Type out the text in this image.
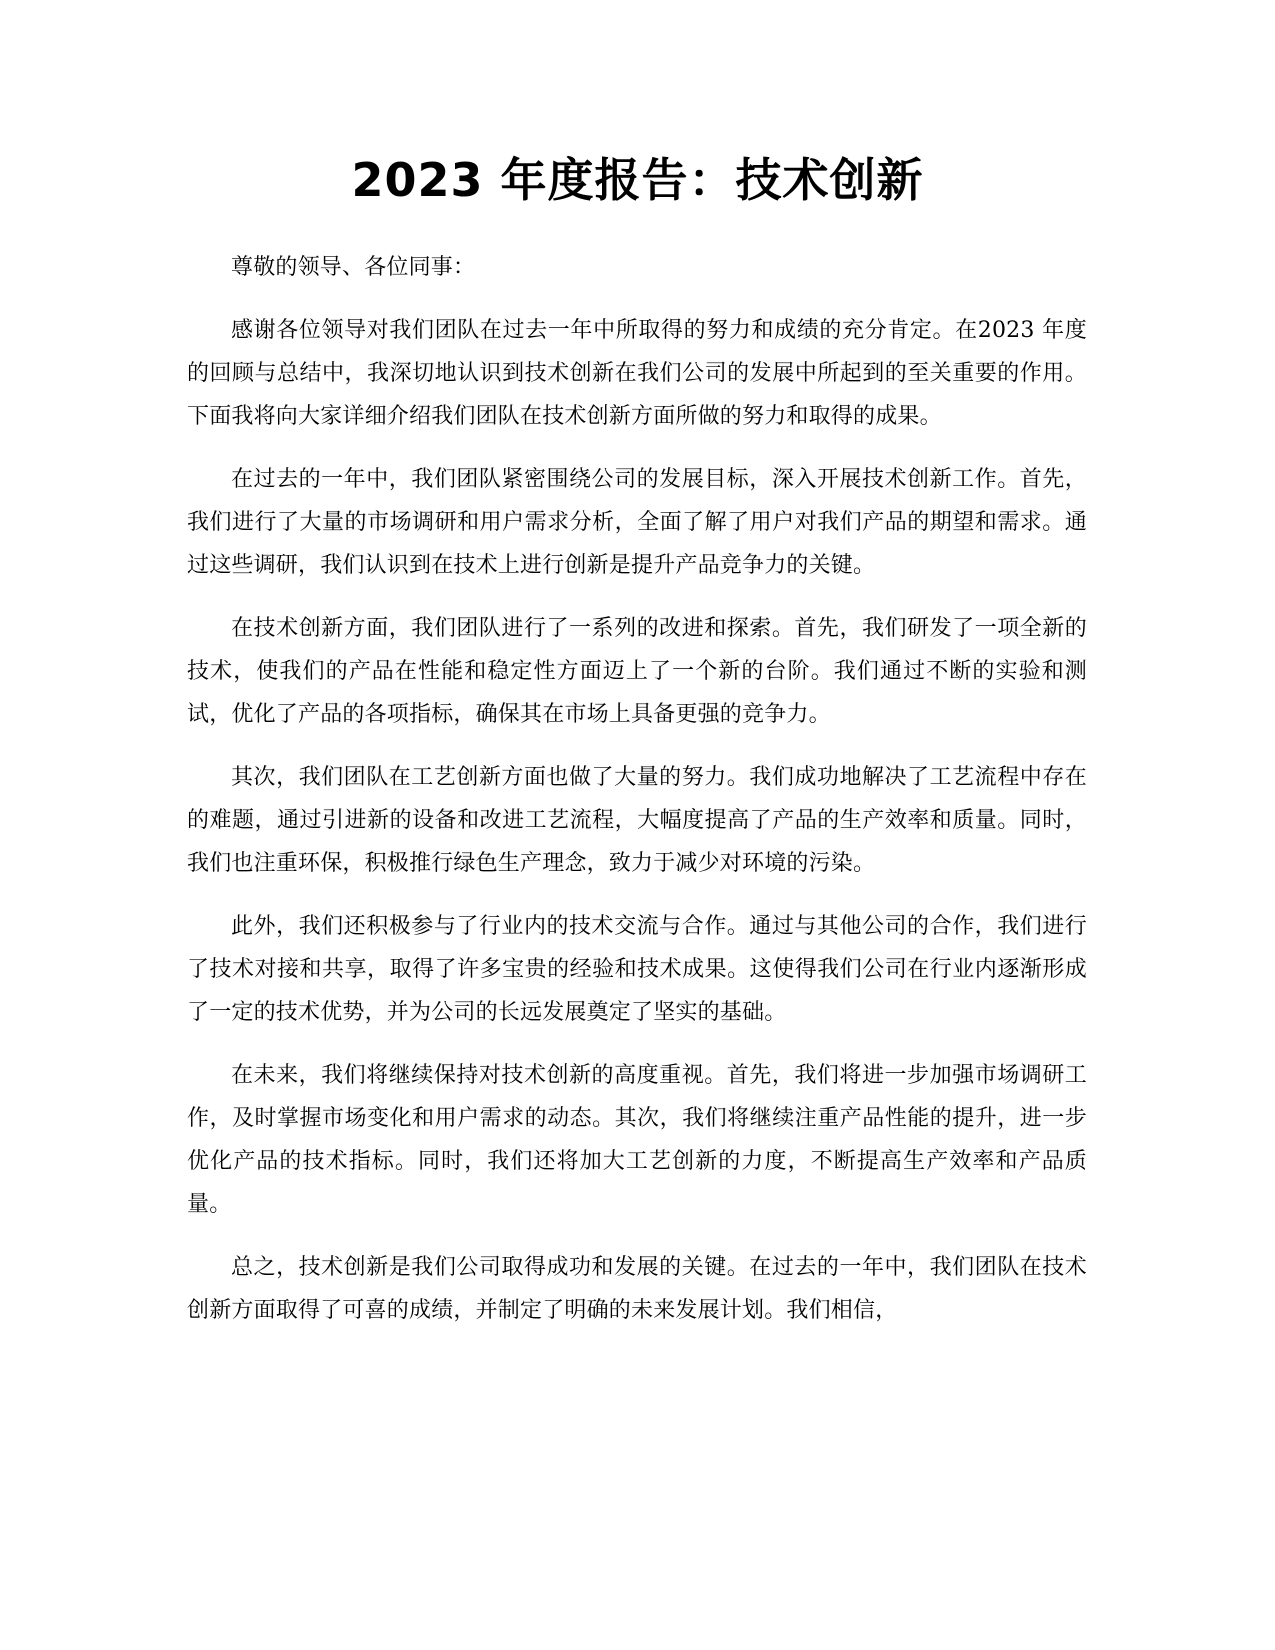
2023 年度报告：技术创新

尊敬的领导、各位同事：

感谢各位领导对我们团队在过去一年中所取得的努力和成绩的充分肯定。在2023 年度的回顾与总结中，我深切地认识到技术创新在我们公司的发展中所起到的至关重要的作用。下面我将向大家详细介绍我们团队在技术创新方面所做的努力和取得的成果。

在过去的一年中，我们团队紧密围绕公司的发展目标，深入开展技术创新工作。首先，我们进行了大量的市场调研和用户需求分析，全面了解了用户对我们产品的期望和需求。通过这些调研，我们认识到在技术上进行创新是提升产品竞争力的关键。

在技术创新方面，我们团队进行了一系列的改进和探索。首先，我们研发了一项全新的技术，使我们的产品在性能和稳定性方面迈上了一个新的台阶。我们通过不断的实验和测试，优化了产品的各项指标，确保其在市场上具备更强的竞争力。

其次，我们团队在工艺创新方面也做了大量的努力。我们成功地解决了工艺流程中存在的难题，通过引进新的设备和改进工艺流程，大幅度提高了产品的生产效率和质量。同时，我们也注重环保，积极推行绿色生产理念，致力于减少对环境的污染。

此外，我们还积极参与了行业内的技术交流与合作。通过与其他公司的合作，我们进行了技术对接和共享，取得了许多宝贵的经验和技术成果。这使得我们公司在行业内逐渐形成了一定的技术优势，并为公司的长远发展奠定了坚实的基础。

在未来，我们将继续保持对技术创新的高度重视。首先，我们将进一步加强市场调研工作，及时掌握市场变化和用户需求的动态。其次，我们将继续注重产品性能的提升，进一步优化产品的技术指标。同时，我们还将加大工艺创新的力度，不断提高生产效率和产品质量。

总之，技术创新是我们公司取得成功和发展的关键。在过去的一年中，我们团队在技术创新方面取得了可喜的成绩，并制定了明确的未来发展计划。我们相信，
